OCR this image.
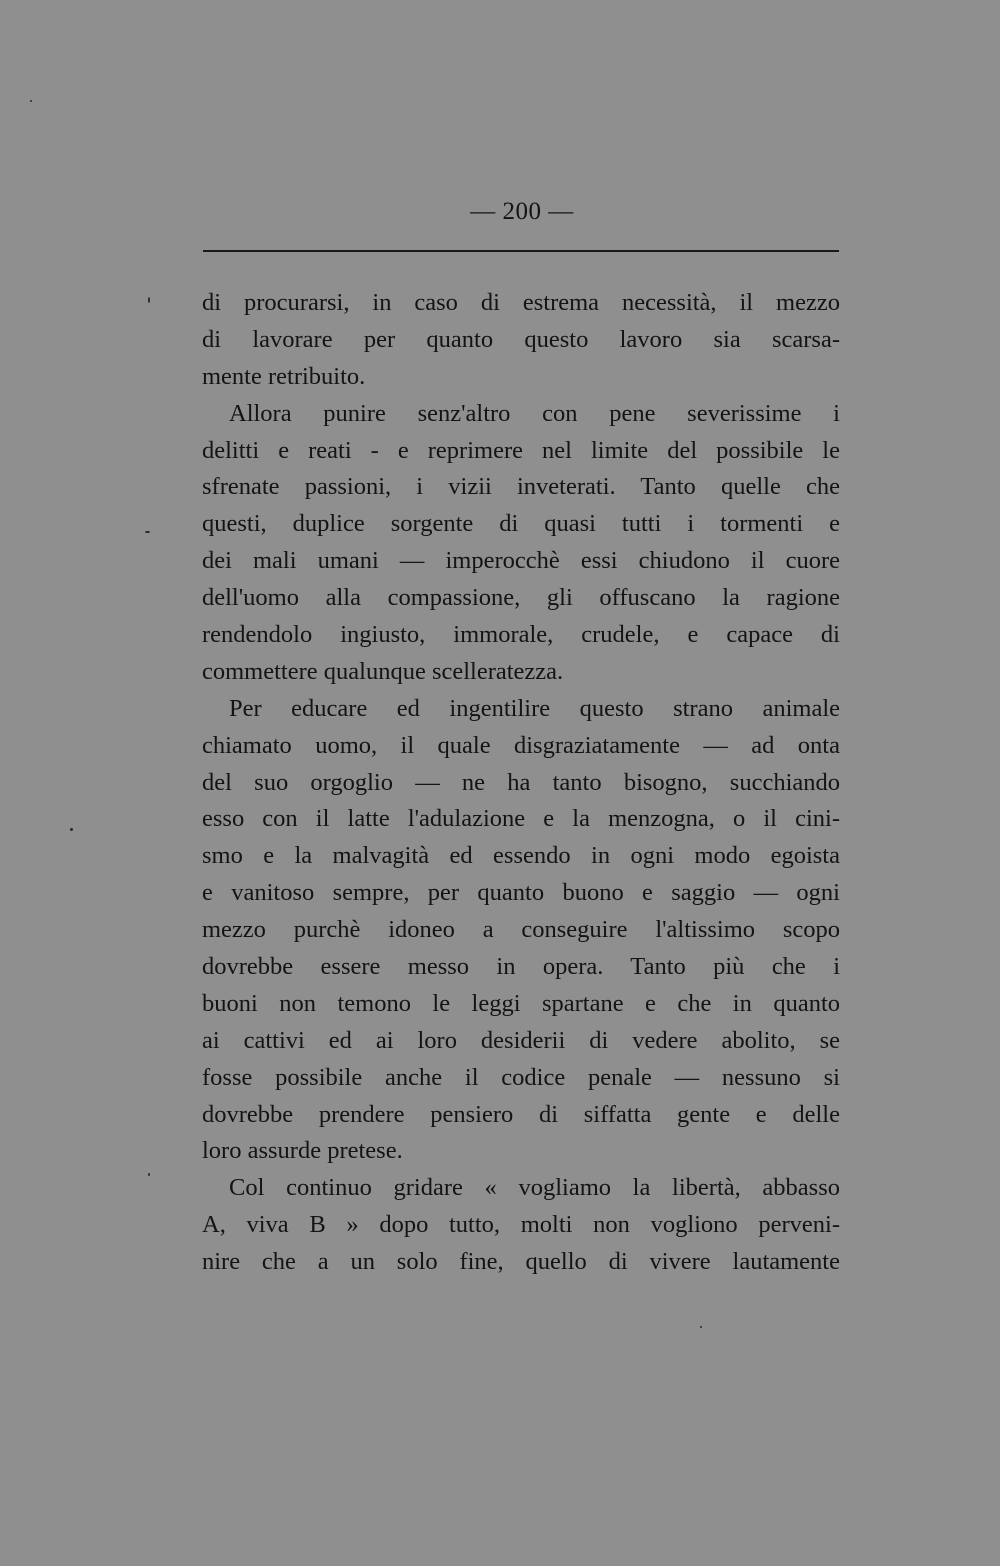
— 200 —
di procurarsi, in caso di estrema necessità, il mezzo
di lavorare per quanto questo lavoro sia scarsa-
mente retribuito.
Allora punire senz'altro con pene severissime i
delitti e reati - e reprimere nel limite del possibile le
sfrenate passioni, i vizii inveterati. Tanto quelle che
questi, duplice sorgente di quasi tutti i tormenti e
dei mali umani — imperocchè essi chiudono il cuore
dell'uomo alla compassione, gli offuscano la ragione
rendendolo ingiusto, immorale, crudele, e capace di
commettere qualunque scelleratezza.
Per educare ed ingentilire questo strano animale
chiamato uomo, il quale disgraziatamente — ad onta
del suo orgoglio — ne ha tanto bisogno, succhiando
esso con il latte l'adulazione e la menzogna, o il cini-
smo e la malvagità ed essendo in ogni modo egoista
e vanitoso sempre, per quanto buono e saggio — ogni
mezzo purchè idoneo a conseguire l'altissimo scopo
dovrebbe essere messo in opera. Tanto più che i
buoni non temono le leggi spartane e che in quanto
ai cattivi ed ai loro desiderii di vedere abolito, se
fosse possibile anche il codice penale — nessuno si
dovrebbe prendere pensiero di siffatta gente e delle
loro assurde pretese.
Col continuo gridare « vogliamo la libertà, abbasso
A, viva B » dopo tutto, molti non vogliono perveni-
nire che a un solo fine, quello di vivere lautamente
